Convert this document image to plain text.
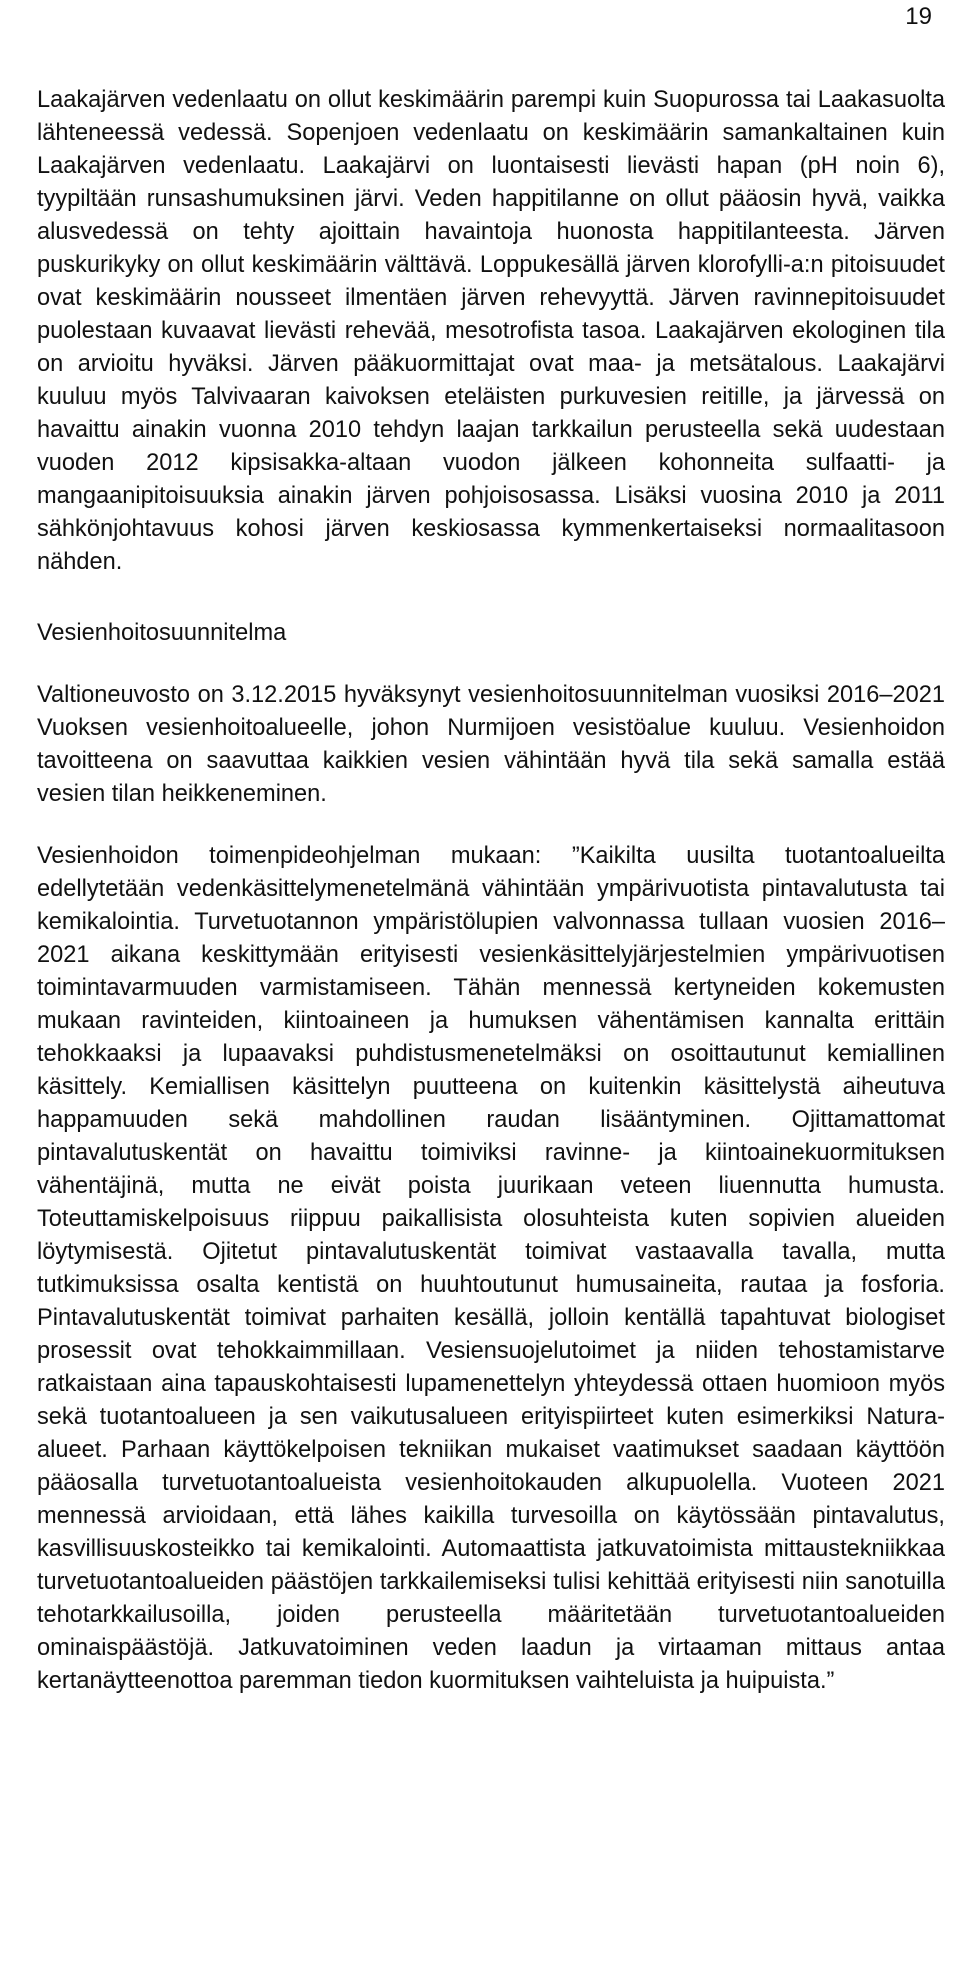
19

Laakajärven vedenlaatu on ollut keskimäärin parempi kuin Suopurossa tai Laakasuolta lähteneessä vedessä. Sopenjoen vedenlaatu on keskimäärin samankaltainen kuin Laakajärven vedenlaatu. Laakajärvi on luontaisesti lievästi hapan (pH noin 6), tyypiltään runsashumuksinen järvi. Veden happitilanne on ollut pääosin hyvä, vaikka alusvedessä on tehty ajoittain havaintoja huonosta happitilanteesta. Järven puskurikyky on ollut keskimäärin välttävä. Loppukesällä järven klorofylli-a:n pitoisuudet ovat keskimäärin nousseet ilmentäen järven rehevyyttä. Järven ravinnepitoisuudet puolestaan kuvaavat lievästi rehevää, mesotrofista tasoa. Laakajärven ekologinen tila on arvioitu hyväksi. Järven pääkuormittajat ovat maa- ja metsätalous. Laakajärvi kuuluu myös Talvivaaran kaivoksen eteläisten purkuvesien reitille, ja järvessä on havaittu ainakin vuonna 2010 tehdyn laajan tarkkailun perusteella sekä uudestaan vuoden 2012 kipsisakka-altaan vuodon jälkeen kohonneita sulfaatti- ja mangaanipitoisuuksia ainakin järven pohjoisosassa. Lisäksi vuosina 2010 ja 2011 sähkönjohtavuus kohosi järven keskiosassa kymmenkertaiseksi normaalitasoon nähden.

Vesienhoitosuunnitelma

Valtioneuvosto on 3.12.2015 hyväksynyt vesienhoitosuunnitelman vuosiksi 2016–2021 Vuoksen vesienhoitoalueelle, johon Nurmijoen vesistöalue kuuluu. Vesienhoidon tavoitteena on saavuttaa kaikkien vesien vähintään hyvä tila sekä samalla estää vesien tilan heikkeneminen.

Vesienhoidon toimenpideohjelman mukaan: ”Kaikilta uusilta tuotantoalueilta edellytetään vedenkäsittelymenetelmänä vähintään ympärivuotista pintavalutusta tai kemikalointia. Turvetuotannon ympäristölupien valvonnassa tullaan vuosien 2016–2021 aikana keskittymään erityisesti vesienkäsittelyjärjestelmien ympärivuotisen toimintavarmuuden varmistamiseen. Tähän mennessä kertyneiden kokemusten mukaan ravinteiden, kiintoaineen ja humuksen vähentämisen kannalta erittäin tehokkaaksi ja lupaavaksi puhdistusmenetelmäksi on osoittautunut kemiallinen käsittely. Kemiallisen käsittelyn puutteena on kuitenkin käsittelystä aiheutuva happamuuden sekä mahdollinen raudan lisääntyminen. Ojittamattomat pintavalutuskentät on havaittu toimiviksi ravinne- ja kiintoainekuormituksen vähentäjinä, mutta ne eivät poista juurikaan veteen liuennutta humusta. Toteuttamiskelpoisuus riippuu paikallisista olosuhteista kuten sopivien alueiden löytymisestä. Ojitetut pintavalutuskentät toimivat vastaavalla tavalla, mutta tutkimuksissa osalta kentistä on huuhtoutunut humusaineita, rautaa ja fosforia. Pintavalutuskentät toimivat parhaiten kesällä, jolloin kentällä tapahtuvat biologiset prosessit ovat tehokkaimmillaan. Vesiensuojelutoimet ja niiden tehostamistarve ratkaistaan aina tapauskohtaisesti lupamenettelyn yhteydessä ottaen huomioon myös sekä tuotantoalueen ja sen vaikutusalueen erityispiirteet kuten esimerkiksi Natura-alueet. Parhaan käyttökelpoisen tekniikan mukaiset vaatimukset saadaan käyttöön pääosalla turvetuotantoalueista vesienhoitokauden alkupuolella. Vuoteen 2021 mennessä arvioidaan, että lähes kaikilla turvesoilla on käytössään pintavalutus, kasvillisuuskosteikko tai kemikalointi. Automaattista jatkuvatoimista mittaustekniikkaa turvetuotantoalueiden päästöjen tarkkailemiseksi tulisi kehittää erityisesti niin sanotuilla tehotarkkailusoilla, joiden perusteella määritetään turvetuotantoalueiden ominaispäästöjä. Jatkuvatoiminen veden laadun ja virtaaman mittaus antaa kertanäytteenottoa paremman tiedon kuormituksen vaihteluista ja huipuista.”
